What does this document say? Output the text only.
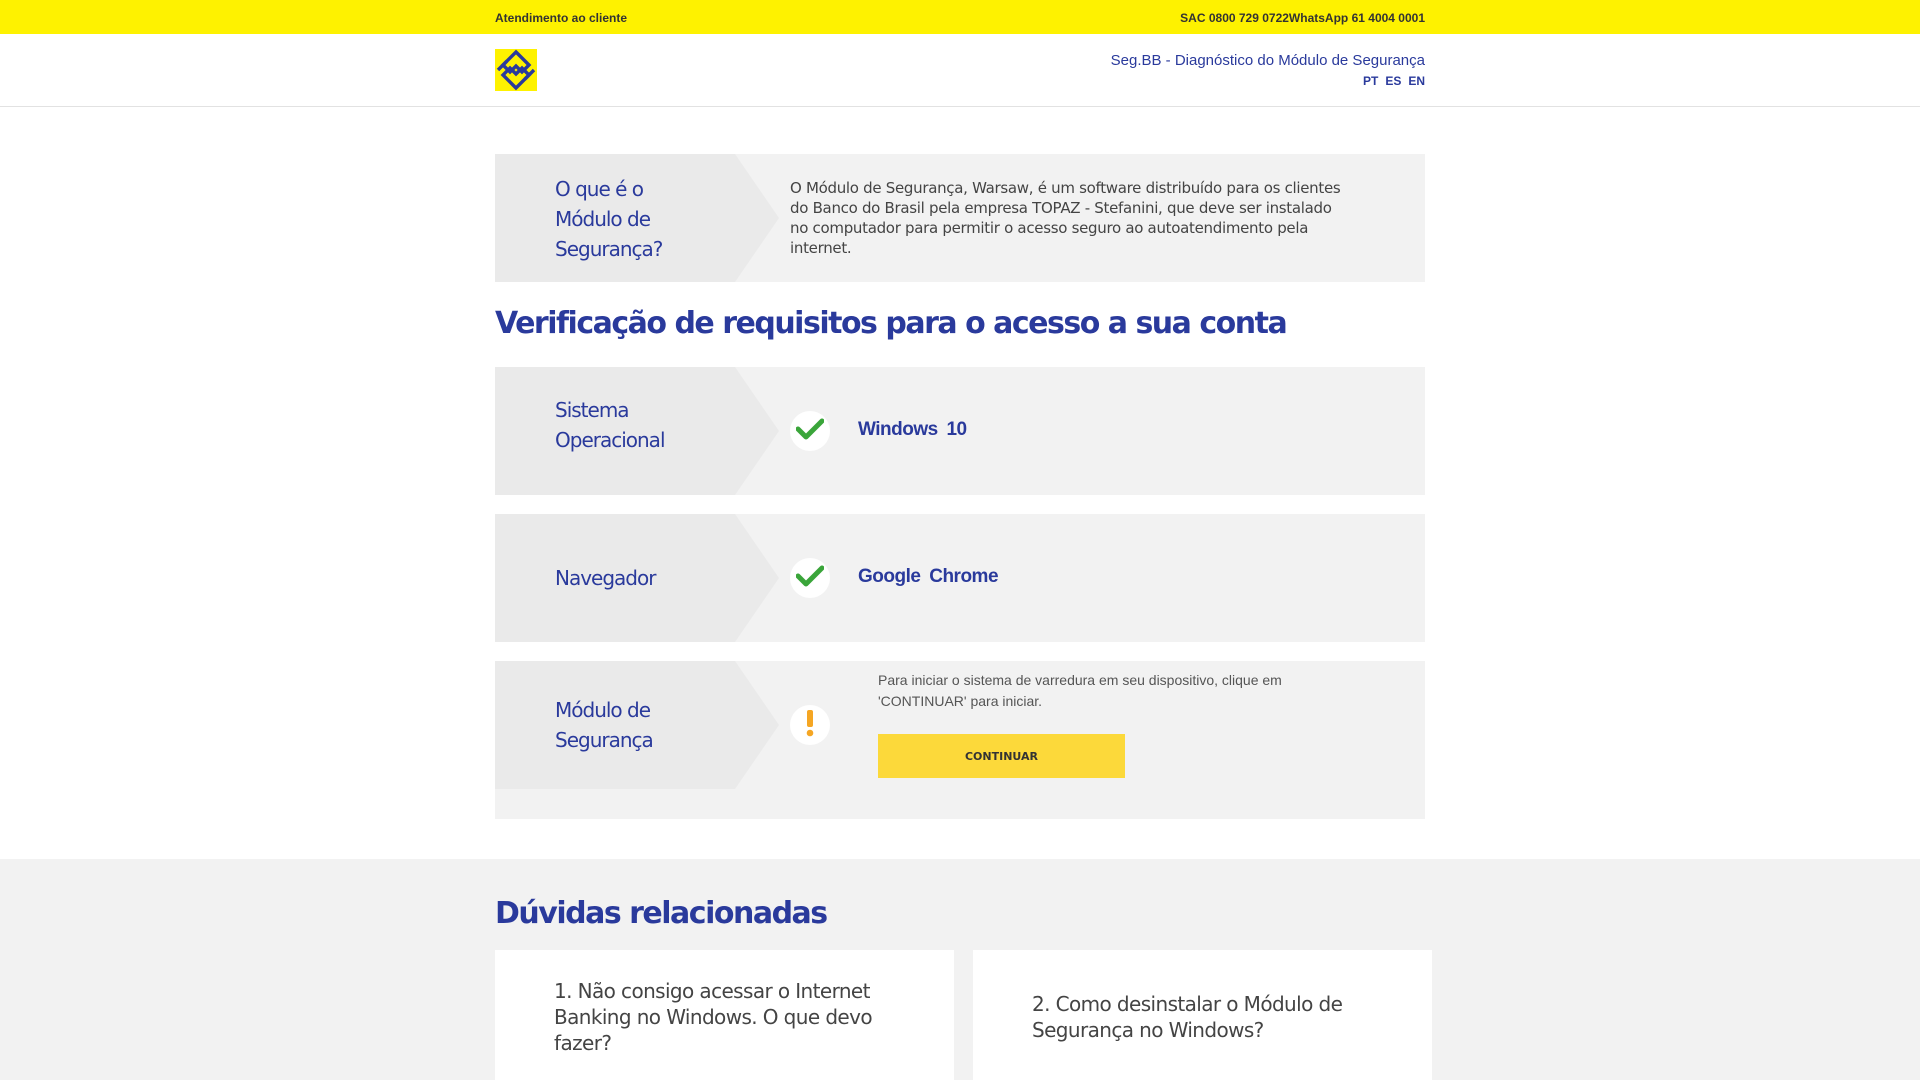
Atendimento ao cliente	SAC 0800 729 0722 WhatsApp 61 4004 0001
Seg.BB - Diagnóstico do Módulo de Segurança
PT ES EN
O que é o Módulo de Segurança?
O Módulo de Segurança, Warsaw, é um software distribuído para os clientes do Banco do Brasil pela empresa TOPAZ - Stefanini, que deve ser instalado no computador para permitir o acesso seguro ao autoatendimento pela internet.
Verificação de requisitos para o acesso a sua conta
Sistema Operacional	Windows 10
Navegador	Google Chrome
Módulo de Segurança
Para iniciar o sistema de varredura em seu dispositivo, clique em 'CONTINUAR' para iniciar.
CONTINUAR
Dúvidas relacionadas
1. Não consigo acessar o Internet Banking no Windows. O que devo fazer?
2. Como desinstalar o Módulo de Segurança no Windows?
